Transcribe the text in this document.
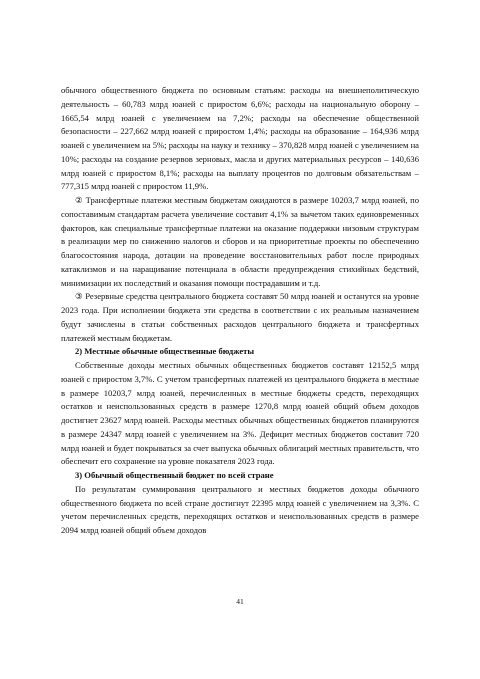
обычного общественного бюджета по основным статьям: расходы на внешнеполитическую деятельность – 60,783 млрд юаней с приростом 6,6%; расходы на национальную оборону – 1665,54 млрд юаней с увеличением на 7,2%; расходы на обеспечение общественной безопасности – 227,662 млрд юаней с приростом 1,4%; расходы на образование – 164,936 млрд юаней с увеличением на 5%; расходы на науку и технику – 370,828 млрд юаней с увеличением на 10%; расходы на создание резервов зерновых, масла и других материальных ресурсов – 140,636 млрд юаней с приростом 8,1%; расходы на выплату процентов по долговым обязательствам – 777,315 млрд юаней с приростом 11,9%.

② Трансфертные платежи местным бюджетам ожидаются в размере 10203,7 млрд юаней, по сопоставимым стандартам расчета увеличение составит 4,1% за вычетом таких единовременных факторов, как специальные трансфертные платежи на оказание поддержки низовым структурам в реализации мер по снижению налогов и сборов и на приоритетные проекты по обеспечению благосостояния народа, дотации на проведение восстановительных работ после природных катаклизмов и на наращивание потенциала в области предупреждения стихийных бедствий, минимизации их последствий и оказания помощи пострадавшим и т.д.

③ Резервные средства центрального бюджета составят 50 млрд юаней и останутся на уровне 2023 года. При исполнении бюджета эти средства в соответствии с их реальным назначением будут зачислены в статьи собственных расходов центрального бюджета и трансфертных платежей местным бюджетам.

2) Местные обычные общественные бюджеты

Собственные доходы местных обычных общественных бюджетов составят 12152,5 млрд юаней с приростом 3,7%. С учетом трансфертных платежей из центрального бюджета в местные в размере 10203,7 млрд юаней, перечисленных в местные бюджеты средств, переходящих остатков и неиспользованных средств в размере 1270,8 млрд юаней общий объем доходов достигнет 23627 млрд юаней. Расходы местных обычных общественных бюджетов планируются в размере 24347 млрд юаней с увеличением на 3%. Дефицит местных бюджетов составит 720 млрд юаней и будет покрываться за счет выпуска обычных облигаций местных правительств, что обеспечит его сохранение на уровне показателя 2023 года.

3) Обычный общественный бюджет по всей стране

По результатам суммирования центрального и местных бюджетов доходы обычного общественного бюджета по всей стране достигнут 22395 млрд юаней с увеличением на 3,3%. С учетом перечисленных средств, переходящих остатков и неиспользованных средств в размере 2094 млрд юаней общий объем доходов

41
